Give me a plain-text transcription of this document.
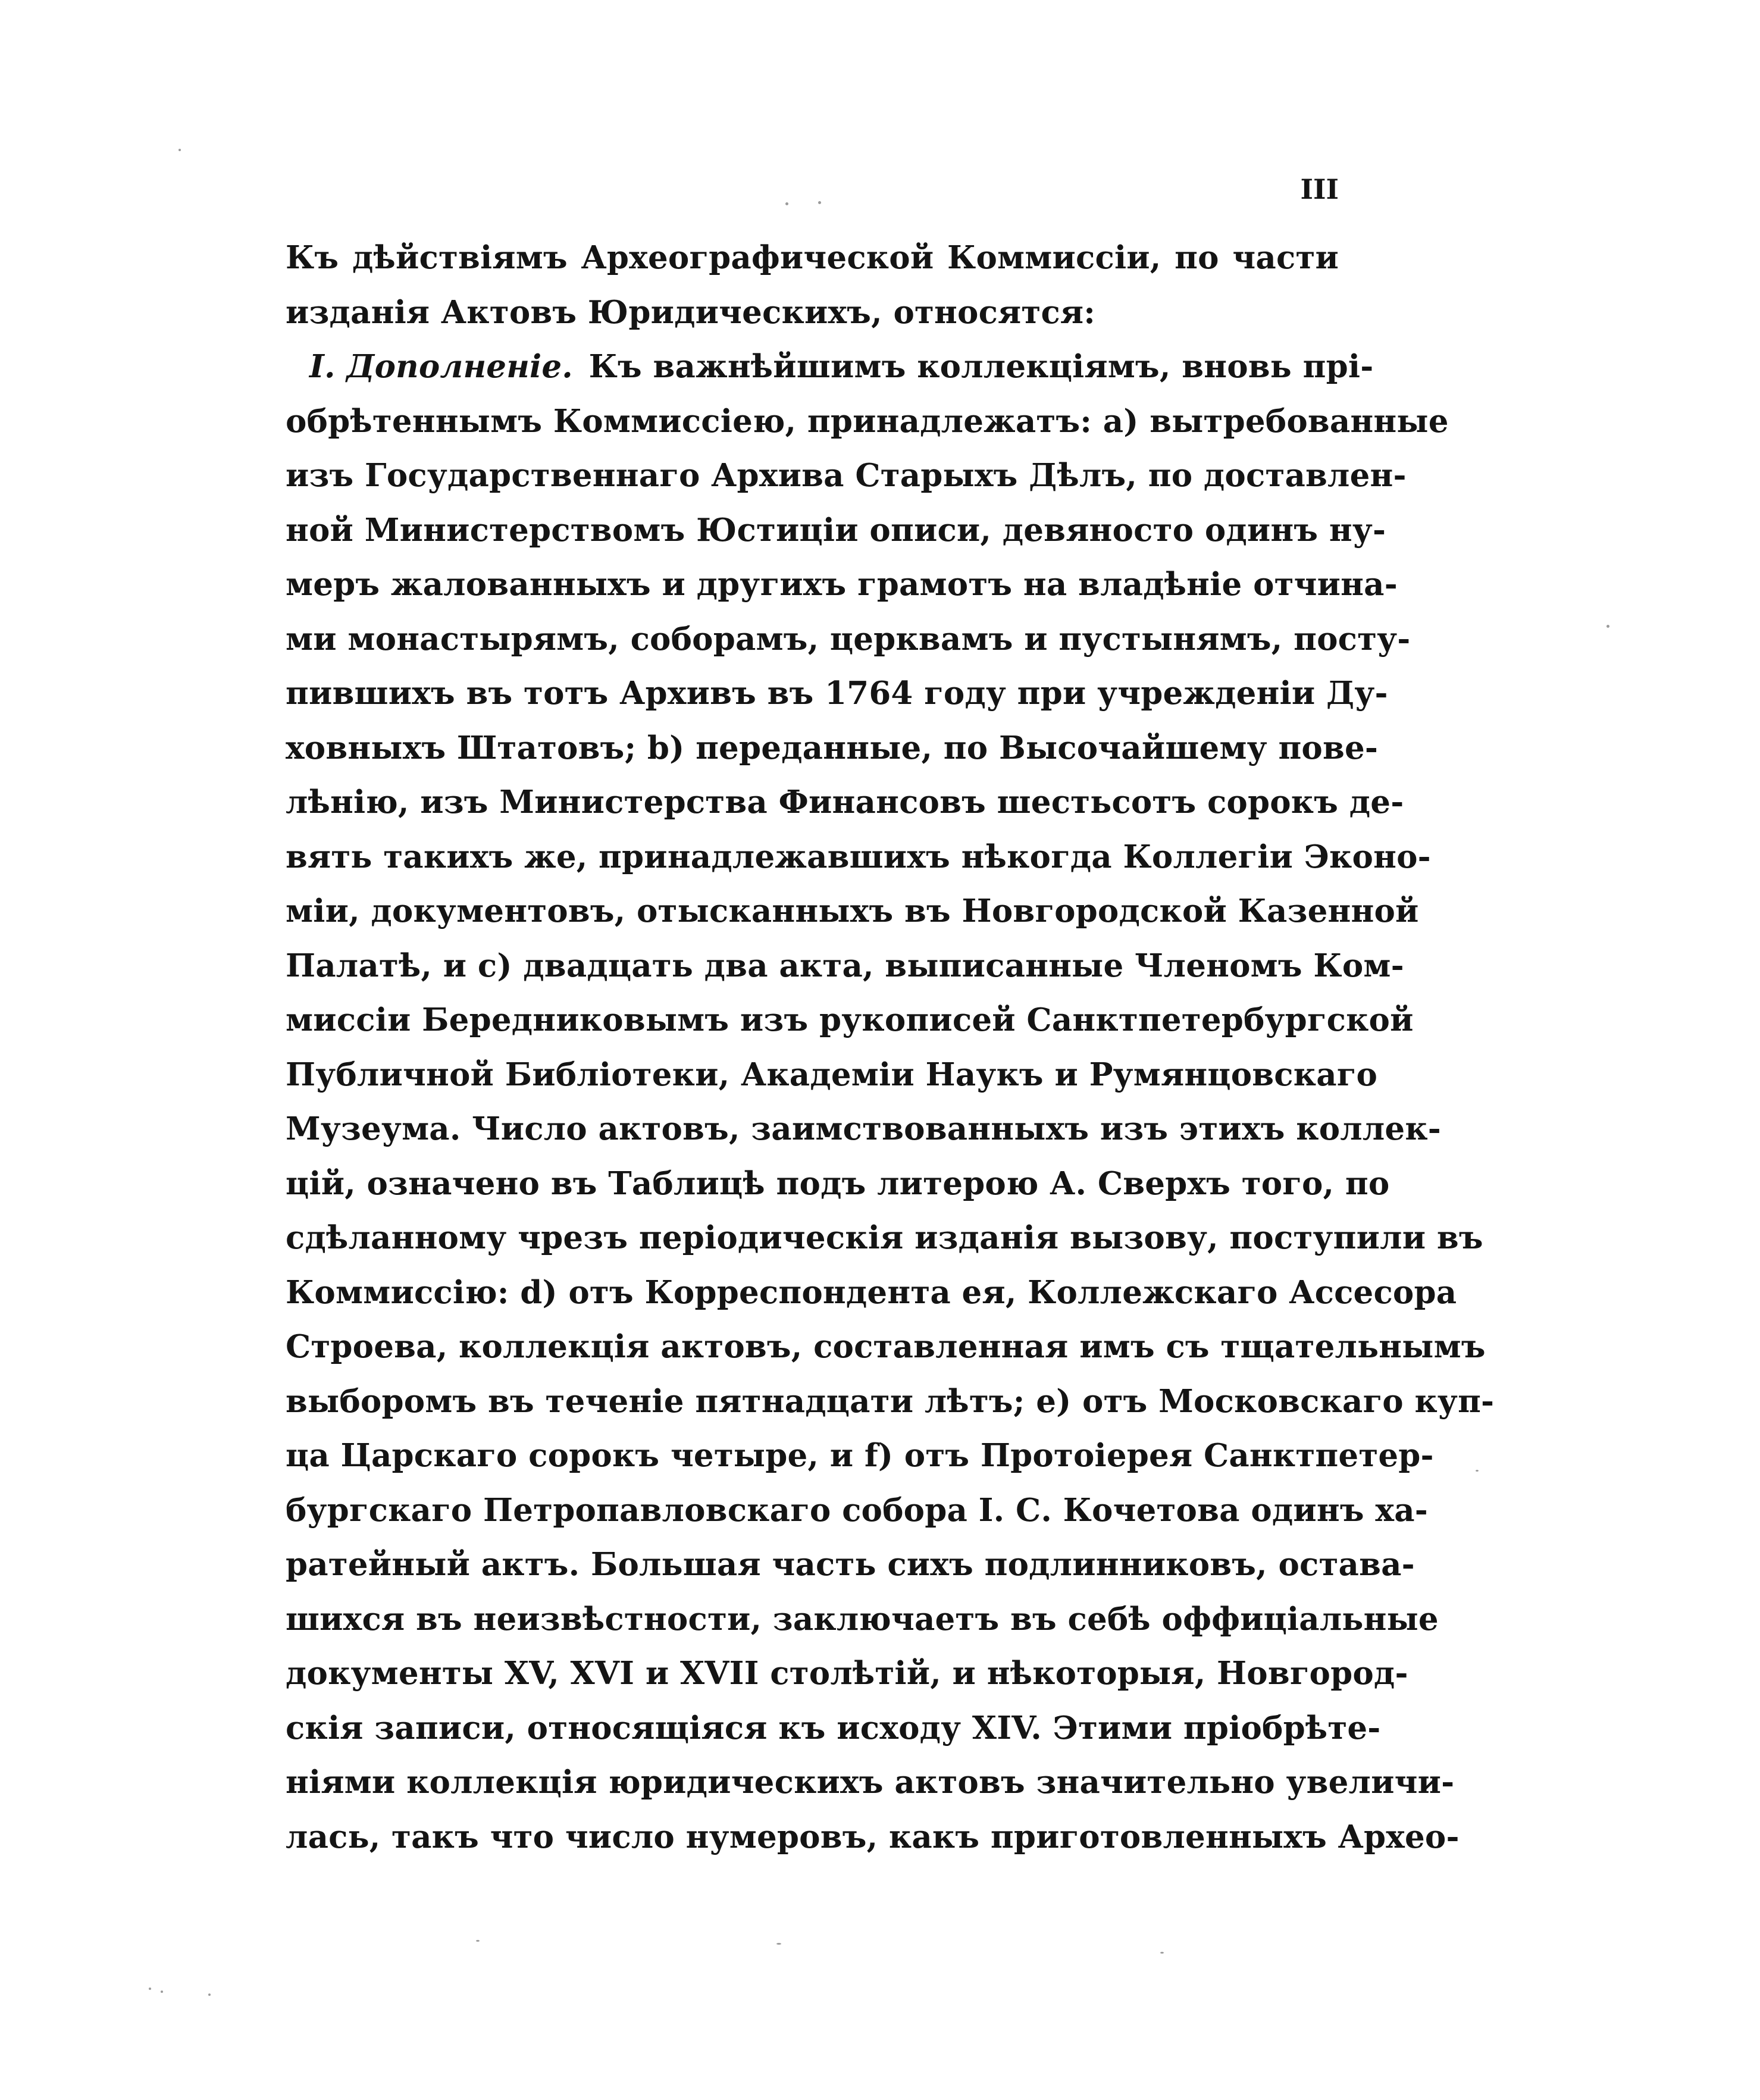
III
Къ дѣйствіямъ Археографической Коммиссіи, по части
изданія Актовъ Юридическихъ, относятся:
I. Дополненіе. Къ важнѣйшимъ коллекціямъ, вновь прі-
обрѣтеннымъ Коммиссіею, принадлежатъ: а) вытребованные
изъ Государственнаго Архива Старыхъ Дѣлъ, по доставлен-
ной Министерствомъ Юстиціи описи, девяносто одинъ ну-
меръ жалованныхъ и другихъ грамотъ на владѣніе отчина-
ми монастырямъ, соборамъ, церквамъ и пустынямъ, посту-
пившихъ въ тотъ Архивъ въ 1764 году при учрежденіи Ду-
ховныхъ Штатовъ; b) переданные, по Высочайшему пове-
лѣнію, изъ Министерства Финансовъ шестьсотъ сорокъ де-
вять такихъ же, принадлежавшихъ нѣкогда Коллегіи Эконо-
міи, документовъ, отысканныхъ въ Новгородской Казенной
Палатѣ, и с) двадцать два акта, выписанные Членомъ Ком-
миссіи Бередниковымъ изъ рукописей Санктпетербургской
Публичной Библіотеки, Академіи Наукъ и Румянцовскаго
Музеума. Число актовъ, заимствованныхъ изъ этихъ коллек-
цій, означено въ Таблицѣ подъ литерою А. Сверхъ того, по
сдѣланному чрезъ періодическія изданія вызову, поступили въ
Коммиссію: d) отъ Корреспондента ея, Коллежскаго Ассесора
Строева, коллекція актовъ, составленная имъ съ тщательнымъ
выборомъ въ теченіе пятнадцати лѣтъ; е) отъ Московскаго куп-
ца Царскаго сорокъ четыре, и f) отъ Протоіерея Санктпетер-
бургскаго Петропавловскаго собора І. С. Кочетова одинъ ха-
ратейный актъ. Большая часть сихъ подлинниковъ, остава-
шихся въ неизвѣстности, заключаетъ въ себѣ оффиціальные
документы XV, XVI и XVII столѣтій, и нѣкоторыя, Новгород-
скія записи, относящіяся къ исходу XIV. Этими пріобрѣте-
ніями коллекція юридическихъ актовъ значительно увеличи-
лась, такъ что число нумеровъ, какъ приготовленныхъ Архео-
